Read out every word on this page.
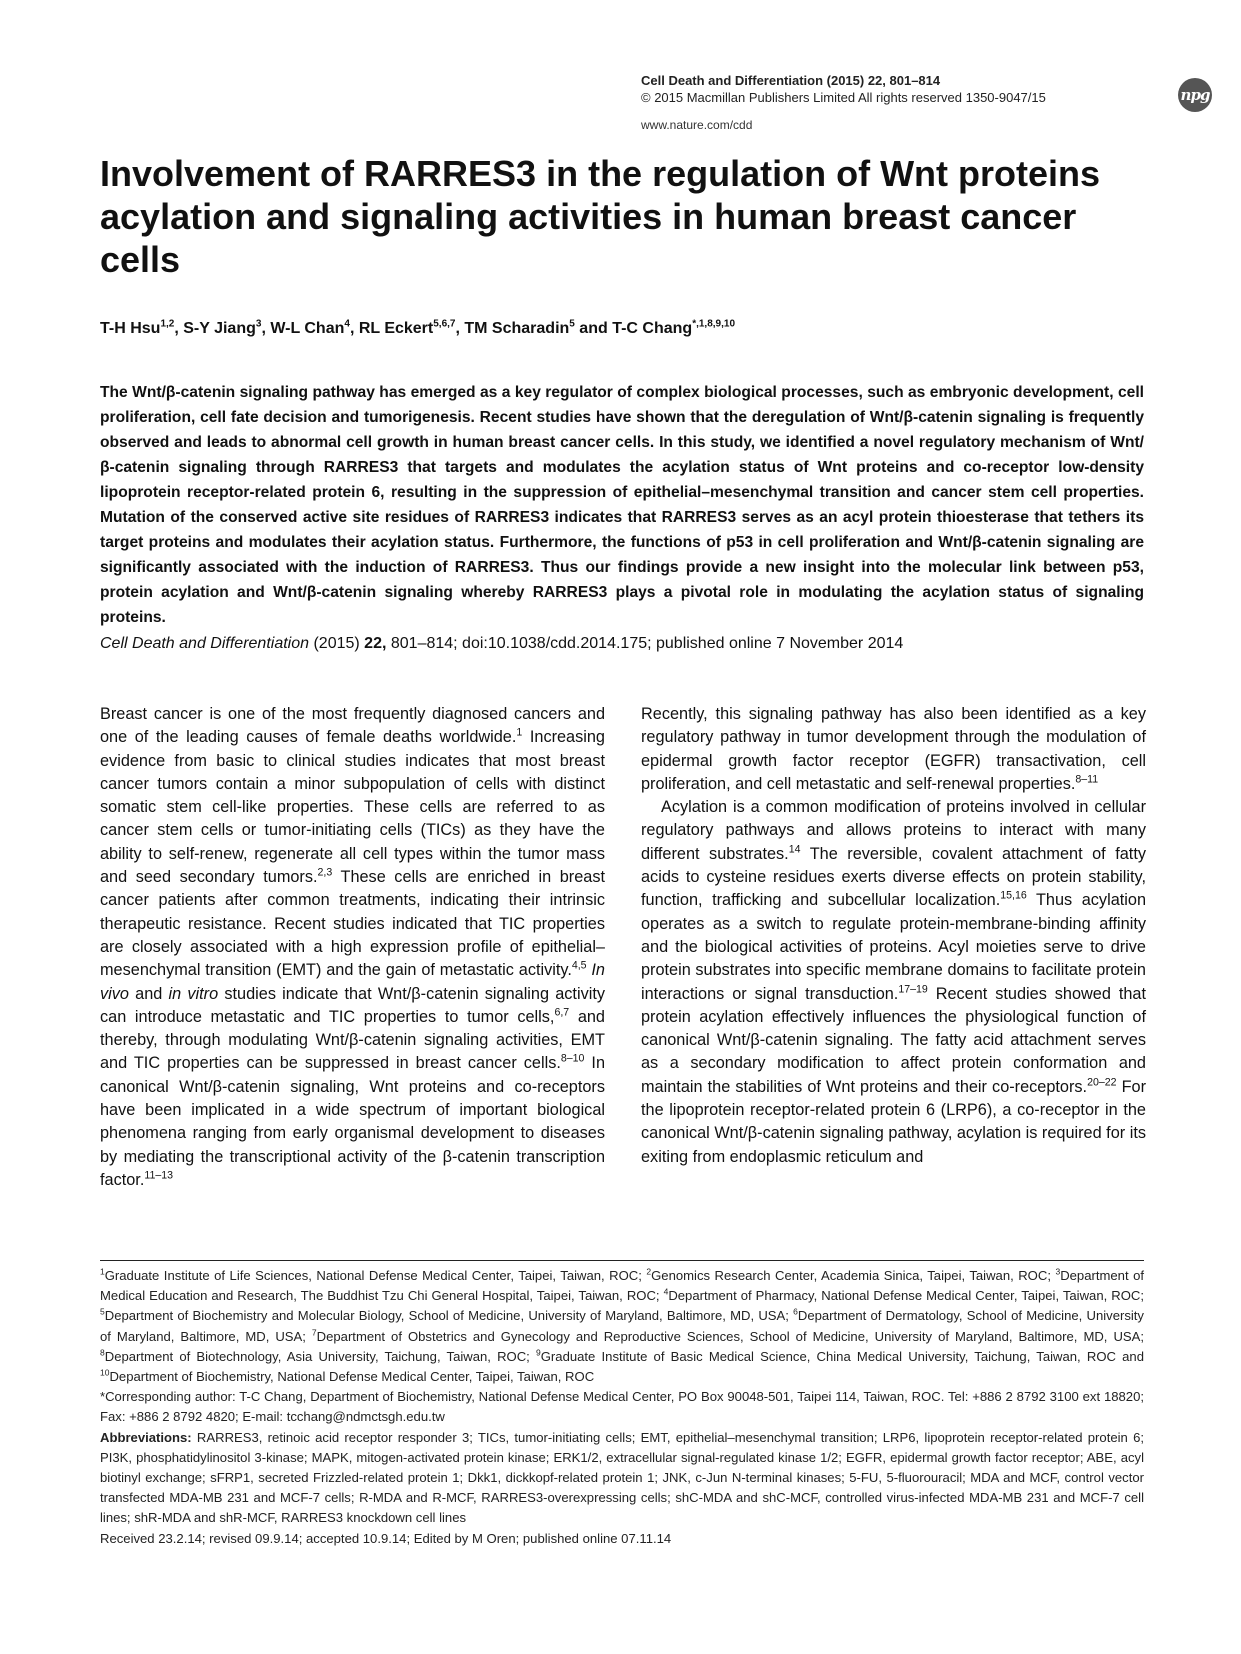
Cell Death and Differentiation (2015) 22, 801–814
© 2015 Macmillan Publishers Limited All rights reserved 1350-9047/15
www.nature.com/cdd
npg
Involvement of RARRES3 in the regulation of Wnt proteins acylation and signaling activities in human breast cancer cells
T-H Hsu$^{1,2}$, S-Y Jiang$^3$, W-L Chan$^4$, RL Eckert$^{5,6,7}$, TM Scharadin$^5$ and T-C Chang$^{*,1,8,9,10}$

The Wnt/β-catenin signaling pathway has emerged as a key regulator of complex biological processes, such as embryonic development, cell proliferation, cell fate decision and tumorigenesis. Recent studies have shown that the deregulation of Wnt/β-catenin signaling is frequently observed and leads to abnormal cell growth in human breast cancer cells. In this study, we identified a novel regulatory mechanism of Wnt/β-catenin signaling through RARRES3 that targets and modulates the acylation status of Wnt proteins and co-receptor low-density lipoprotein receptor-related protein 6, resulting in the suppression of epithelial–mesenchymal transition and cancer stem cell properties. Mutation of the conserved active site residues of RARRES3 indicates that RARRES3 serves as an acyl protein thioesterase that tethers its target proteins and modulates their acylation status. Furthermore, the functions of p53 in cell proliferation and Wnt/β-catenin signaling are significantly associated with the induction of RARRES3. Thus our findings provide a new insight into the molecular link between p53, protein acylation and Wnt/β-catenin signaling whereby RARRES3 plays a pivotal role in modulating the acylation status of signaling proteins.

Cell Death and Differentiation (2015) 22, 801–814; doi:10.1038/cdd.2014.175; published online 7 November 2014

Breast cancer is one of the most frequently diagnosed cancers and one of the leading causes of female deaths worldwide.$^1$ Increasing evidence from basic to clinical studies indicates that most breast cancer tumors contain a minor subpopulation of cells with distinct somatic stem cell-like properties. These cells are referred to as cancer stem cells or tumor-initiating cells (TICs) as they have the ability to self-renew, regenerate all cell types within the tumor mass and seed secondary tumors.$^{2,3}$ These cells are enriched in breast cancer patients after common treatments, indicating their intrinsic therapeutic resistance. Recent studies indicated that TIC properties are closely associated with a high expression profile of epithelial–mesenchymal transition (EMT) and the gain of metastatic activity.$^{4,5}$ In vivo and in vitro studies indicate that Wnt/β-catenin signaling activity can introduce metastatic and TIC properties to tumor cells,$^{6,7}$ and thereby, through modulating Wnt/β-catenin signaling activities, EMT and TIC properties can be suppressed in breast cancer cells.$^{8-10}$ In canonical Wnt/β-catenin signaling, Wnt proteins and co-receptors have been implicated in a wide spectrum of important biological phenomena ranging from early organismal development to diseases by mediating the transcriptional activity of the β-catenin transcription factor.$^{11-13}$

Recently, this signaling pathway has also been identified as a key regulatory pathway in tumor development through the modulation of epidermal growth factor receptor (EGFR) transactivation, cell proliferation, and cell metastatic and self-renewal properties.$^{8-11}$

Acylation is a common modification of proteins involved in cellular regulatory pathways and allows proteins to interact with many different substrates.$^{14}$ The reversible, covalent attachment of fatty acids to cysteine residues exerts diverse effects on protein stability, function, trafficking and subcellular localization.$^{15,16}$ Thus acylation operates as a switch to regulate protein-membrane-binding affinity and the biological activities of proteins. Acyl moieties serve to drive protein substrates into specific membrane domains to facilitate protein interactions or signal transduction.$^{17-19}$ Recent studies showed that protein acylation effectively influences the physiological function of canonical Wnt/β-catenin signaling. The fatty acid attachment serves as a secondary modification to affect protein conformation and maintain the stabilities of Wnt proteins and their co-receptors.$^{20-22}$ For the lipoprotein receptor-related protein 6 (LRP6), a co-receptor in the canonical Wnt/β-catenin signaling pathway, acylation is required for its exiting from endoplasmic reticulum and

$^1$Graduate Institute of Life Sciences, National Defense Medical Center, Taipei, Taiwan, ROC; $^2$Genomics Research Center, Academia Sinica, Taipei, Taiwan, ROC; $^3$Department of Medical Education and Research, The Buddhist Tzu Chi General Hospital, Taipei, Taiwan, ROC; $^4$Department of Pharmacy, National Defense Medical Center, Taipei, Taiwan, ROC; $^5$Department of Biochemistry and Molecular Biology, School of Medicine, University of Maryland, Baltimore, MD, USA; $^6$Department of Dermatology, School of Medicine, University of Maryland, Baltimore, MD, USA; $^7$Department of Obstetrics and Gynecology and Reproductive Sciences, School of Medicine, University of Maryland, Baltimore, MD, USA; $^8$Department of Biotechnology, Asia University, Taichung, Taiwan, ROC; $^9$Graduate Institute of Basic Medical Science, China Medical University, Taichung, Taiwan, ROC and $^{10}$Department of Biochemistry, National Defense Medical Center, Taipei, Taiwan, ROC

*Corresponding author: T-C Chang, Department of Biochemistry, National Defense Medical Center, PO Box 90048-501, Taipei 114, Taiwan, ROC. Tel: +886 2 8792 3100 ext 18820; Fax: +886 2 8792 4820; E-mail: tcchang@ndmctsgh.edu.tw

Abbreviations: RARRES3, retinoic acid receptor responder 3; TICs, tumor-initiating cells; EMT, epithelial–mesenchymal transition; LRP6, lipoprotein receptor-related protein 6; PI3K, phosphatidylinositol 3-kinase; MAPK, mitogen-activated protein kinase; ERK1/2, extracellular signal-regulated kinase 1/2; EGFR, epidermal growth factor receptor; ABE, acyl biotinyl exchange; sFRP1, secreted Frizzled-related protein 1; Dkk1, dickkopf-related protein 1; JNK, c-Jun N-terminal kinases; 5-FU, 5-fluorouracil; MDA and MCF, control vector transfected MDA-MB 231 and MCF-7 cells; R-MDA and R-MCF, RARRES3-overexpressing cells; shC-MDA and shC-MCF, controlled virus-infected MDA-MB 231 and MCF-7 cell lines; shR-MDA and shR-MCF, RARRES3 knockdown cell lines

Received 23.2.14; revised 09.9.14; accepted 10.9.14; Edited by M Oren; published online 07.11.14
